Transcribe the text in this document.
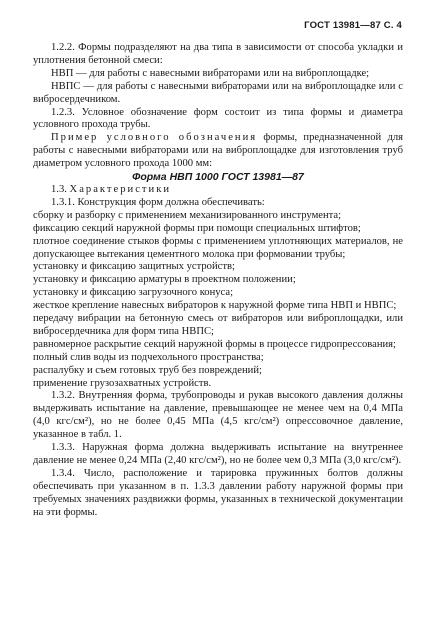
ГОСТ 13981—87 С. 4

1.2.2. Формы подразделяют на два типа в зависимости от способа укладки и уплотнения бетонной смеси:

НВП — для работы с навесными вибраторами или на виброплощадке;

НВПС — для работы с навесными вибраторами или на виброплощадке или с вибросердечником.

1.2.3. Условное обозначение форм состоит из типа формы и диаметра условного прохода трубы.

Пример условного обозначения формы, предназначенной для работы с навесными вибраторами или на виброплощадке для изготовления труб диаметром условного прохода 1000 мм:

Форма НВП 1000 ГОСТ 13981—87

1.3. Характеристики

1.3.1. Конструкция форм должна обеспечивать:

сборку и разборку с применением механизированного инструмента;

фиксацию секций наружной формы при помощи специальных штифтов;

плотное соединение стыков формы с применением уплотняющих материалов, не допускающее вытекания цементного молока при формовании трубы;

установку и фиксацию защитных устройств;

установку и фиксацию арматуры в проектном положении;

установку и фиксацию загрузочного конуса;

жесткое крепление навесных вибраторов к наружной форме типа НВП и НВПС;

передачу вибрации на бетонную смесь от вибраторов или виброплощадки, или вибросердечника для форм типа НВПС;

равномерное раскрытие секций наружной формы в процессе гидропрессования;

полный слив воды из подчехольного пространства;

распалубку и съем готовых труб без повреждений;

применение грузозахватных устройств.

1.3.2. Внутренняя форма, трубопроводы и рукав высокого давления должны выдерживать испытание на давление, превышающее не менее чем на 0,4 МПа (4,0 кгс/см²), но не более 0,45 МПа (4,5 кгс/см²) опрессовочное давление, указанное в табл. 1.

1.3.3. Наружная форма должна выдерживать испытание на внутреннее давление не менее 0,24 МПа (2,40 кгс/см²), но не более чем 0,3 МПа (3,0 кгс/см²).

1.3.4. Число, расположение и тарировка пружинных болтов должны обеспечивать при указанном в п. 1.3.3 давлении работу наружной формы при требуемых значениях раздвижки формы, указанных в технической документации на эти формы.
